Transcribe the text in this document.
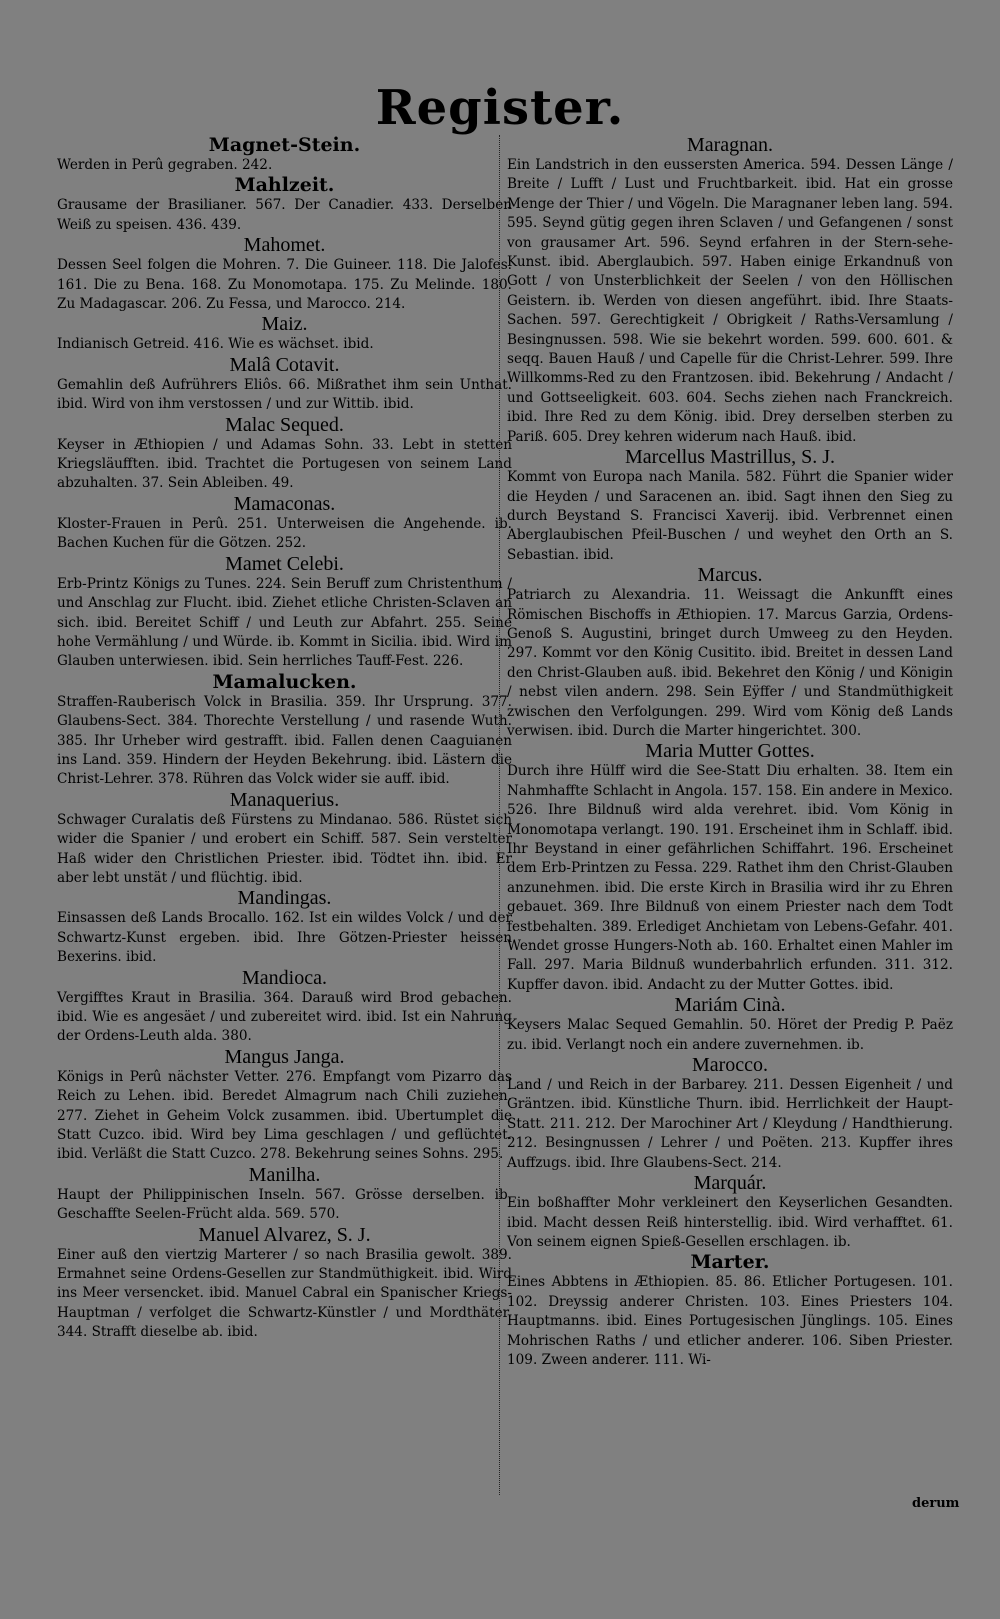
Register.

Magnet-Stein.

Werden in Perû gegraben. 242.

Mahlzeit.

Grausame der Brasilianer. 567. Der Canadier. 433. Derselben Weiß zu speisen. 436. 439.

Mahomet.

Dessen Seel folgen die Mohren. 7. Die Guineer. 118. Die Jalofes. 161. Die zu Bena. 168. Zu Monomotapa. 175. Zu Melinde. 180. Zu Madagascar. 206. Zu Fessa, und Marocco. 214.

Maiz.

Indianisch Getreid. 416. Wie es wächset. ibid.

Malâ Cotavit.

Gemahlin deß Aufrührers Eliôs. 66. Mißrathet ihm sein Unthat. ibid. Wird von ihm verstossen / und zur Wittib. ibid.

Malac Sequed.

Keyser in Æthiopien / und Adamas Sohn. 33. Lebt in stetten Kriegsläufften. ibid. Trachtet die Portugesen von seinem Land abzuhalten. 37. Sein Ableiben. 49.

Mamaconas.

Kloster-Frauen in Perû. 251. Unterweisen die Angehende. ib. Bachen Kuchen für die Götzen. 252.

Mamet Celebi.

Erb-Printz Königs zu Tunes. 224. Sein Beruff zum Christenthum / und Anschlag zur Flucht. ibid. Ziehet etliche Christen-Sclaven an sich. ibid. Bereitet Schiff / und Leuth zur Abfahrt. 255. Seine hohe Vermählung / und Würde. ib. Kommt in Sicilia. ibid. Wird im Glauben unterwiesen. ibid. Sein herrliches Tauff-Fest. 226.

Mamalucken.

Straffen-Rauberisch Volck in Brasilia. 359. Ihr Ursprung. 377. Glaubens-Sect. 384. Thorechte Verstellung / und rasende Wuth. 385. Ihr Urheber wird gestrafft. ibid. Fallen denen Caaguianen ins Land. 359. Hindern der Heyden Bekehrung. ibid. Lästern die Christ-Lehrer. 378. Rühren das Volck wider sie auff. ibid.

Manaquerius.

Schwager Curalatis deß Fürstens zu Mindanao. 586. Rüstet sich wider die Spanier / und erobert ein Schiff. 587. Sein verstelter Haß wider den Christlichen Priester. ibid. Tödtet ihn. ibid. Er aber lebt unstät / und flüchtig. ibid.

Mandingas.

Einsassen deß Lands Brocallo. 162. Ist ein wildes Volck / und der Schwartz-Kunst ergeben. ibid. Ihre Götzen-Priester heissen Bexerins. ibid.

Mandioca.

Vergifftes Kraut in Brasilia. 364. Darauß wird Brod gebachen. ibid. Wie es angesäet / und zubereitet wird. ibid. Ist ein Nahrung der Ordens-Leuth alda. 380.

Mangus Janga.

Königs in Perû nächster Vetter. 276. Empfangt vom Pizarro das Reich zu Lehen. ibid. Beredet Almagrum nach Chili zuziehen. 277. Ziehet in Geheim Volck zusammen. ibid. Ubertumplet die Statt Cuzco. ibid. Wird bey Lima geschlagen / und geflüchtet. ibid. Verläßt die Statt Cuzco. 278. Bekehrung seines Sohns. 295.

Manilha.

Haupt der Philippinischen Inseln. 567. Grösse derselben. ib. Geschaffte Seelen-Frücht alda. 569. 570.

Manuel Alvarez, S. J.

Einer auß den viertzig Marterer / so nach Brasilia gewolt. 389. Ermahnet seine Ordens-Gesellen zur Standmüthigkeit. ibid. Wird ins Meer versencket. ibid. Manuel Cabral ein Spanischer Kriegs-Hauptman / verfolget die Schwartz-Künstler / und Mordthäter. 344. Strafft dieselbe ab. ibid.

Maragnan.

Ein Landstrich in den eussersten America. 594. Dessen Länge / Breite / Lufft / Lust und Fruchtbarkeit. ibid. Hat ein grosse Menge der Thier / und Vögeln. Die Maragnaner leben lang. 594. 595. Seynd gütig gegen ihren Sclaven / und Gefangenen / sonst von grausamer Art. 596. Seynd erfahren in der Stern-sehe-Kunst. ibid. Aberglaubich. 597. Haben einige Erkandnuß von Gott / von Unsterblichkeit der Seelen / von den Höllischen Geistern. ib. Werden von diesen angeführt. ibid. Ihre Staats-Sachen. 597. Gerechtigkeit / Obrigkeit / Raths-Versamlung / Besingnussen. 598. Wie sie bekehrt worden. 599. 600. 601. & seqq. Bauen Hauß / und Capelle für die Christ-Lehrer. 599. Ihre Willkomms-Red zu den Frantzosen. ibid. Bekehrung / Andacht / und Gottseeligkeit. 603. 604. Sechs ziehen nach Franckreich. ibid. Ihre Red zu dem König. ibid. Drey derselben sterben zu Pariß. 605. Drey kehren widerum nach Hauß. ibid.

Marcellus Mastrillus, S. J.

Kommt von Europa nach Manila. 582. Führt die Spanier wider die Heyden / und Saracenen an. ibid. Sagt ihnen den Sieg zu durch Beystand S. Francisci Xaverij. ibid. Verbrennet einen Aberglaubischen Pfeil-Buschen / und weyhet den Orth an S. Sebastian. ibid.

Marcus.

Patriarch zu Alexandria. 11. Weissagt die Ankunfft eines Römischen Bischoffs in Æthiopien. 17. Marcus Garzia, Ordens-Genoß S. Augustini, bringet durch Umweeg zu den Heyden. 297. Kommt vor den König Cusitito. ibid. Breitet in dessen Land den Christ-Glauben auß. ibid. Bekehret den König / und Königin / nebst vilen andern. 298. Sein Eÿffer / und Standmüthigkeit zwischen den Verfolgungen. 299. Wird vom König deß Lands verwisen. ibid. Durch die Marter hingerichtet. 300.

Maria Mutter Gottes.

Durch ihre Hülff wird die See-Statt Diu erhalten. 38. Item ein Nahmhaffte Schlacht in Angola. 157. 158. Ein andere in Mexico. 526. Ihre Bildnuß wird alda verehret. ibid. Vom König in Monomotapa verlangt. 190. 191. Erscheinet ihm in Schlaff. ibid. Ihr Beystand in einer gefährlichen Schiffahrt. 196. Erscheinet dem Erb-Printzen zu Fessa. 229. Rathet ihm den Christ-Glauben anzunehmen. ibid. Die erste Kirch in Brasilia wird ihr zu Ehren gebauet. 369. Ihre Bildnuß von einem Priester nach dem Todt festbehalten. 389. Erlediget Anchietam von Lebens-Gefahr. 401. Wendet grosse Hungers-Noth ab. 160. Erhaltet einen Mahler im Fall. 297. Maria Bildnuß wunderbahrlich erfunden. 311. 312. Kupffer davon. ibid. Andacht zu der Mutter Gottes. ibid.

Mariám Cinà.

Keysers Malac Sequed Gemahlin. 50. Höret der Predig P. Paëz zu. ibid. Verlangt noch ein andere zuvernehmen. ib.

Marocco.

Land / und Reich in der Barbarey. 211. Dessen Eigenheit / und Gräntzen. ibid. Künstliche Thurn. ibid. Herrlichkeit der Haupt-Statt. 211. 212. Der Marochiner Art / Kleydung / Handthierung. 212. Besingnussen / Lehrer / und Poëten. 213. Kupffer ihres Auffzugs. ibid. Ihre Glaubens-Sect. 214.

Marquár.

Ein boßhaffter Mohr verkleinert den Keyserlichen Gesandten. ibid. Macht dessen Reiß hinterstellig. ibid. Wird verhafftet. 61. Von seinem eignen Spieß-Gesellen erschlagen. ib.

Marter.

Eines Abbtens in Æthiopien. 85. 86. Etlicher Portugesen. 101. 102. Dreyssig anderer Christen. 103. Eines Priesters 104. Hauptmanns. ibid. Eines Portugesischen Jünglings. 105. Eines Mohrischen Raths / und etlicher anderer. 106. Siben Priester. 109. Zween anderer. 111. Wi-

derum
